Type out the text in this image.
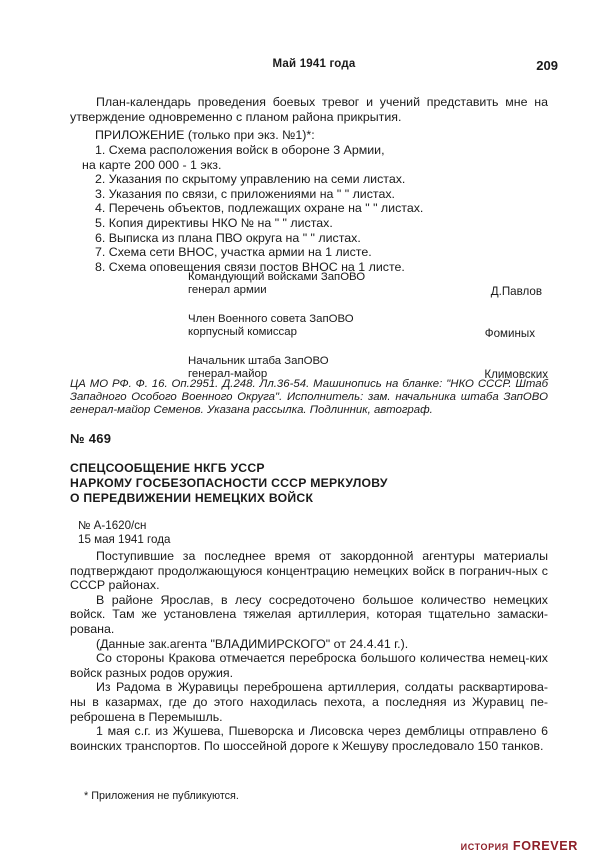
Май 1941 года	209

План-календарь проведения боевых тревог и учений представить мне на утверждение одновременно с планом района прикрытия.

ПРИЛОЖЕНИЕ (только при экз. №1)*:

1. Схема расположения войск в обороне 3 Армии,

на карте 200 000 - 1 экз.

2. Указания по скрытому управлению на семи листах.

3. Указания по связи, с приложениями на " " листах.

4. Перечень объектов, подлежащих охране на " " листах.

5. Копия директивы НКО № на " " листах.

6. Выписка из плана ПВО округа на " " листах.

7. Схема сети ВНОС, участка армии на 1 листе.

8. Схема оповещения связи постов ВНОС на 1 листе.

Командующий войсками ЗапОВО
генерал армии	Д.Павлов
Член Военного совета ЗапОВО
корпусный комиссар	Фоминых
Начальник штаба ЗапОВО
генерал-майор	Климовских

ЦА МО РФ. Ф. 16. Оп.2951. Д.248. Лл.36-54. Машинопись на бланке: "НКО СССР. Штаб Западного Особого Военного Округа". Исполнитель: зам. начальника штаба ЗапОВО генерал-майор Семенов. Указана рассылка. Подлинник, автограф.

№ 469
СПЕЦСООБЩЕНИЕ НКГБ УССР
НАРКОМУ ГОСБЕЗОПАСНОСТИ СССР МЕРКУЛОВУ
О ПЕРЕДВИЖЕНИИ НЕМЕЦКИХ ВОЙСК
№ А-1620/сн
15 мая 1941 года

Поступившие за последнее время от закордонной агентуры материалы подтверждают продолжающуюся концентрацию немецких войск в погранич-ных с СССР районах.

В районе Ярослав, в лесу сосредоточено большое количество немецких войск. Там же установлена тяжелая артиллерия, которая тщательно замаски-рована.

(Данные зак.агента "ВЛАДИМИРСКОГО" от 24.4.41 г.).

Со стороны Кракова отмечается переброска большого количества немец-ких войск разных родов оружия.

Из Радома в Журавицы переброшена артиллерия, солдаты расквартирова-ны в казармах, где до этого находилась пехота, а последняя из Журавиц пе-реброшена в Перемышль.

1 мая с.г. из Жушева, Пшеворска и Лисовска через демблицы отправлено 6 воинских транспортов. По шоссейной дороге к Жешуву проследовало 150 танков.

* Приложения не публикуются.
история FOREVER
